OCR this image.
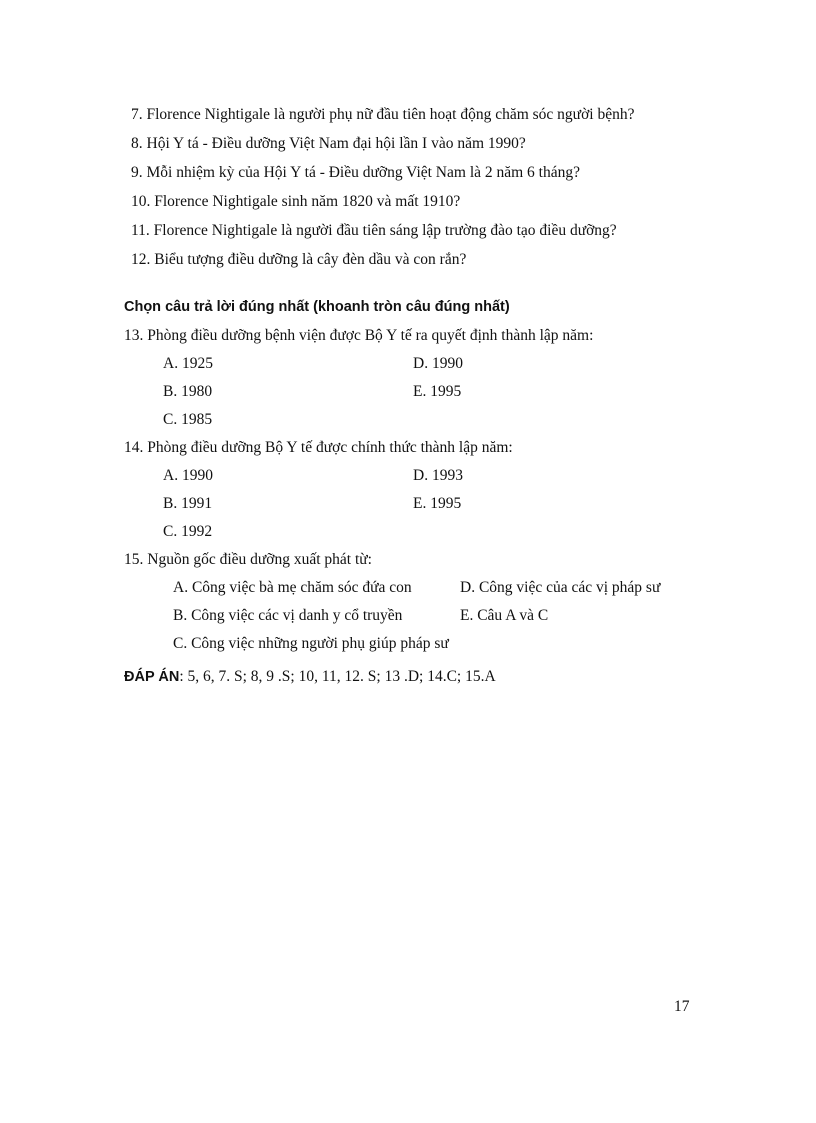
7. Florence Nightigale là người phụ nữ đầu tiên hoạt động chăm sóc người bệnh?
8. Hội Y tá - Điều dưỡng Việt Nam đại hội lần I vào năm 1990?
9. Mỗi nhiệm kỳ của Hội Y tá - Điều dưỡng Việt Nam là 2 năm 6 tháng?
10. Florence Nightigale sinh năm 1820 và mất 1910?
11. Florence Nightigale là người đầu tiên sáng lập trường đào tạo điều dưỡng?
12. Biểu tượng điều dưỡng là cây đèn dầu và con rắn?
Chọn câu trả lời đúng nhất (khoanh tròn câu đúng nhất)
13. Phòng điều dưỡng bệnh viện được Bộ Y tế ra quyết định thành lập năm:
A. 1925	D. 1990
B. 1980	E. 1995
C. 1985
14. Phòng điều dưỡng Bộ Y tế được chính thức thành lập năm:
A. 1990	D. 1993
B. 1991	E. 1995
C. 1992
15. Nguồn gốc điều dưỡng xuất phát từ:
A. Công việc bà mẹ chăm sóc đứa con	D. Công việc của các vị pháp sư
B. Công việc các vị danh y cổ truyền	E. Câu A và C
C. Công việc những người phụ giúp pháp sư
ĐÁP ÁN: 5, 6, 7. S; 8, 9 .S; 10, 11, 12. S; 13 .D; 14.C; 15.A
17
